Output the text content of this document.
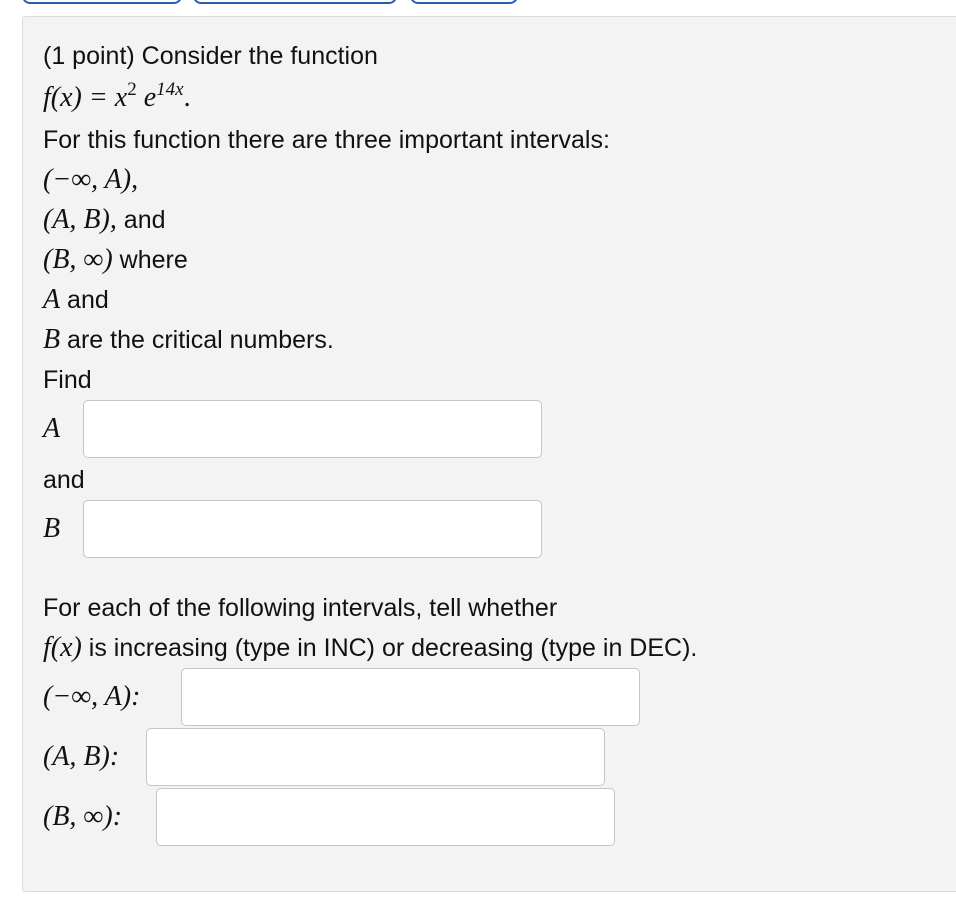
(1 point) Consider the function
$f(x) = x^2$ $e^{14x}$.
For this function there are three important intervals:
(−∞, A),
(A, B), and
(B, ∞) where
A and
B are the critical numbers.
Find
A
and
B
For each of the following intervals, tell whether
f(x) is increasing (type in INC) or decreasing (type in DEC).
(−∞, A):
(A, B):
(B, ∞):
